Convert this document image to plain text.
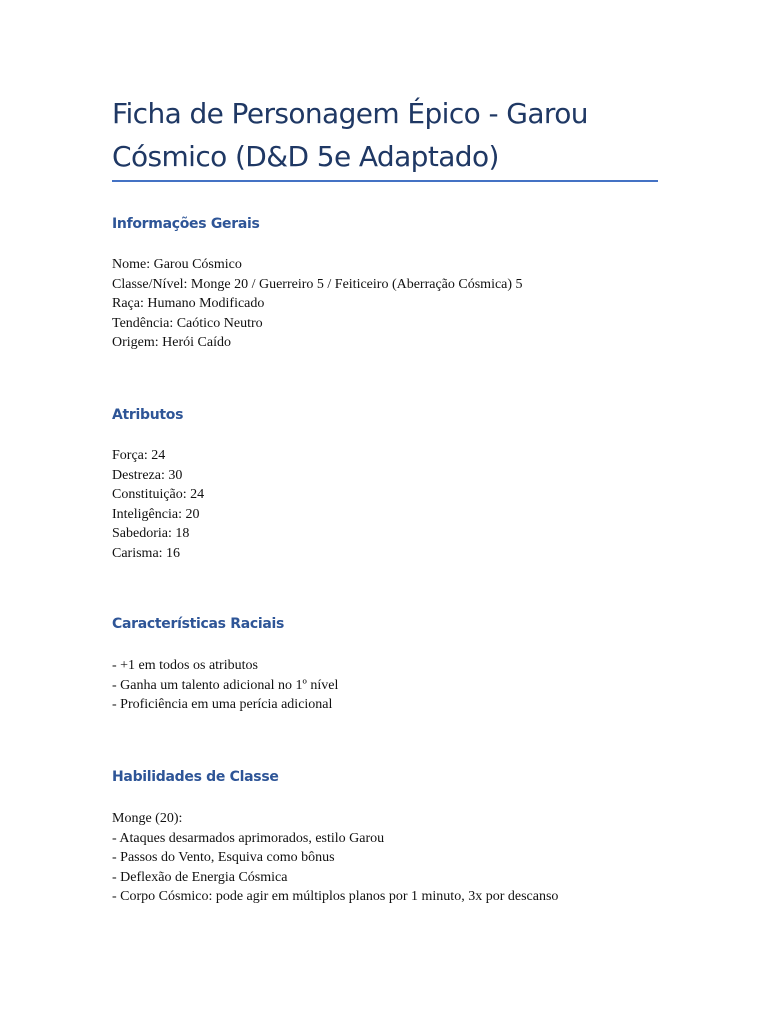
Ficha de Personagem Épico - Garou Cósmico (D&D 5e Adaptado)
Informações Gerais
Nome: Garou Cósmico
Classe/Nível: Monge 20 / Guerreiro 5 / Feiticeiro (Aberração Cósmica) 5
Raça: Humano Modificado
Tendência: Caótico Neutro
Origem: Herói Caído
Atributos
Força: 24
Destreza: 30
Constituição: 24
Inteligência: 20
Sabedoria: 18
Carisma: 16
Características Raciais
- +1 em todos os atributos
- Ganha um talento adicional no 1º nível
- Proficiência em uma perícia adicional
Habilidades de Classe
Monge (20):
- Ataques desarmados aprimorados, estilo Garou
- Passos do Vento, Esquiva como bônus
- Deflexão de Energia Cósmica
- Corpo Cósmico: pode agir em múltiplos planos por 1 minuto, 3x por descanso
